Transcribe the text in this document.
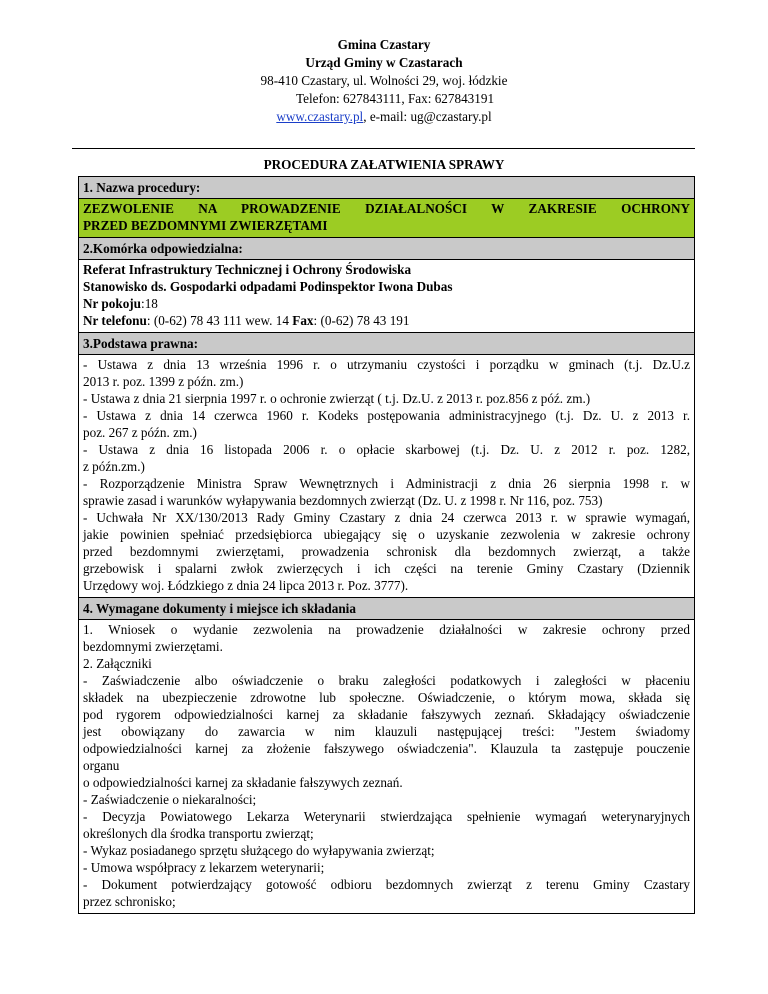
Gmina Czastary
Urząd Gminy w Czastarach
98-410 Czastary, ul. Wolności 29, woj. łódzkie
Telefon: 627843111, Fax: 627843191
www.czastary.pl, e-mail: ug@czastary.pl
PROCEDURA ZAŁATWIENIA SPRAWY
1. Nazwa procedury:
ZEZWOLENIE NA PROWADZENIE DZIAŁALNOŚCI W ZAKRESIE OCHRONY
PRZED BEZDOMNYMI ZWIERZĘTAMI
2.Komórka odpowiedzialna:
Referat Infrastruktury Technicznej i Ochrony Środowiska
Stanowisko ds. Gospodarki odpadami Podinspektor Iwona Dubas
Nr pokoju:18
Nr telefonu: (0-62) 78 43 111 wew. 14 Fax: (0-62) 78 43 191
3.Podstawa prawna:
- Ustawa z dnia 13 września 1996 r. o utrzymaniu czystości i porządku w gminach (t.j. Dz.U.z
2013 r. poz. 1399 z późn. zm.)
- Ustawa z dnia 21 sierpnia 1997 r. o ochronie zwierząt ( t.j. Dz.U. z 2013 r. poz.856 z póź. zm.)
- Ustawa z dnia 14 czerwca 1960 r. Kodeks postępowania administracyjnego (t.j. Dz. U. z 2013 r.
poz. 267 z późn. zm.)
- Ustawa z dnia 16 listopada 2006 r. o opłacie skarbowej (t.j. Dz. U. z 2012 r. poz. 1282,
z późn.zm.)
- Rozporządzenie Ministra Spraw Wewnętrznych i Administracji z dnia 26 sierpnia 1998 r. w
sprawie zasad i warunków wyłapywania bezdomnych zwierząt (Dz. U. z 1998 r. Nr 116, poz. 753)
- Uchwała Nr XX/130/2013 Rady Gminy Czastary z dnia 24 czerwca 2013 r. w sprawie wymagań,
jakie powinien spełniać przedsiębiorca ubiegający się o uzyskanie zezwolenia w zakresie ochrony
przed bezdomnymi zwierzętami, prowadzenia schronisk dla bezdomnych zwierząt, a także
grzebowisk i spalarni zwłok zwierzęcych i ich części na terenie Gminy Czastary (Dziennik
Urzędowy woj. Łódzkiego z dnia 24 lipca 2013 r. Poz. 3777).
4. Wymagane dokumenty i miejsce ich składania
1. Wniosek o wydanie zezwolenia na prowadzenie działalności w zakresie ochrony przed
bezdomnymi zwierzętami.
2. Załączniki
- Zaświadczenie albo oświadczenie o braku zaległości podatkowych i zaległości w płaceniu
składek na ubezpieczenie zdrowotne lub społeczne. Oświadczenie, o którym mowa, składa się
pod rygorem odpowiedzialności karnej za składanie fałszywych zeznań. Składający oświadczenie
jest obowiązany do zawarcia w nim klauzuli następującej treści: "Jestem świadomy
odpowiedzialności karnej za złożenie fałszywego oświadczenia". Klauzula ta zastępuje pouczenie
organu
o odpowiedzialności karnej za składanie fałszywych zeznań.
- Zaświadczenie o niekaralności;
- Decyzja Powiatowego Lekarza Weterynarii stwierdzająca spełnienie wymagań weterynaryjnych
określonych dla środka transportu zwierząt;
- Wykaz posiadanego sprzętu służącego do wyłapywania zwierząt;
- Umowa współpracy z lekarzem weterynarii;
- Dokument potwierdzający gotowość odbioru bezdomnych zwierząt z terenu Gminy Czastary
przez schronisko;
